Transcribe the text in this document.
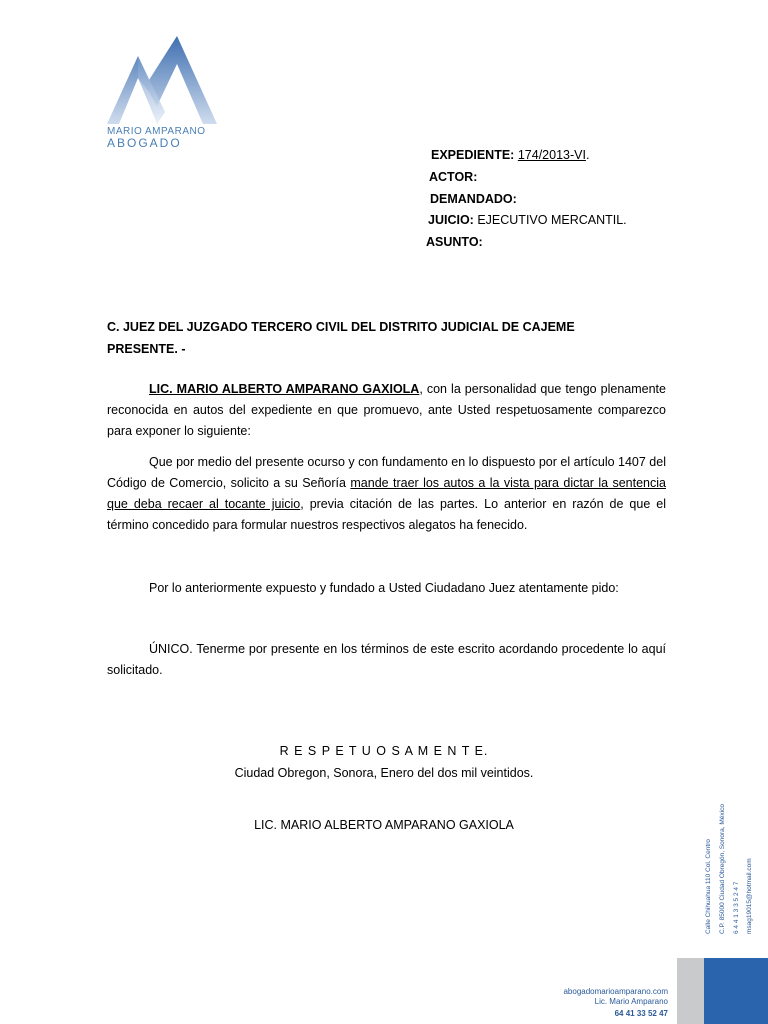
MARIO AMPARANO
ABOGADO
EXPEDIENTE: 174/2013-VI.
ACTOR:
DEMANDADO:
JUICIO: EJECUTIVO MERCANTIL.
ASUNTO:
C. JUEZ DEL JUZGADO TERCERO CIVIL DEL DISTRITO JUDICIAL DE CAJEME
PRESENTE. -
LIC. MARIO ALBERTO AMPARANO GAXIOLA, con la personalidad que tengo plenamente reconocida en autos del expediente en que promuevo, ante Usted respetuosamente comparezco para exponer lo siguiente:
Que por medio del presente ocurso y con fundamento en lo dispuesto por el artículo 1407 del Código de Comercio, solicito a su Señoría mande traer los autos a la vista para dictar la sentencia que deba recaer al tocante juicio, previa citación de las partes. Lo anterior en razón de que el término concedido para formular nuestros respectivos alegatos ha fenecido.
Por lo anteriormente expuesto y fundado a Usted Ciudadano Juez atentamente pido:
ÚNICO. Tenerme por presente en los términos de este escrito acordando procedente lo aquí solicitado.
R E S P E T U O S A M E N T E.
Ciudad Obregon, Sonora, Enero del dos mil veintidos.
LIC. MARIO ALBERTO AMPARANO GAXIOLA
Calle Chihuahua 110 Col. Centro C.P. 85000 Ciudad Obregón, Sonora, México 6 4 4 1 3 3 5 2 4 7 msag19015@hotmail.com
abogadomarioamparano.com
Lic. Mario Amparano
64 41 33 52 47
